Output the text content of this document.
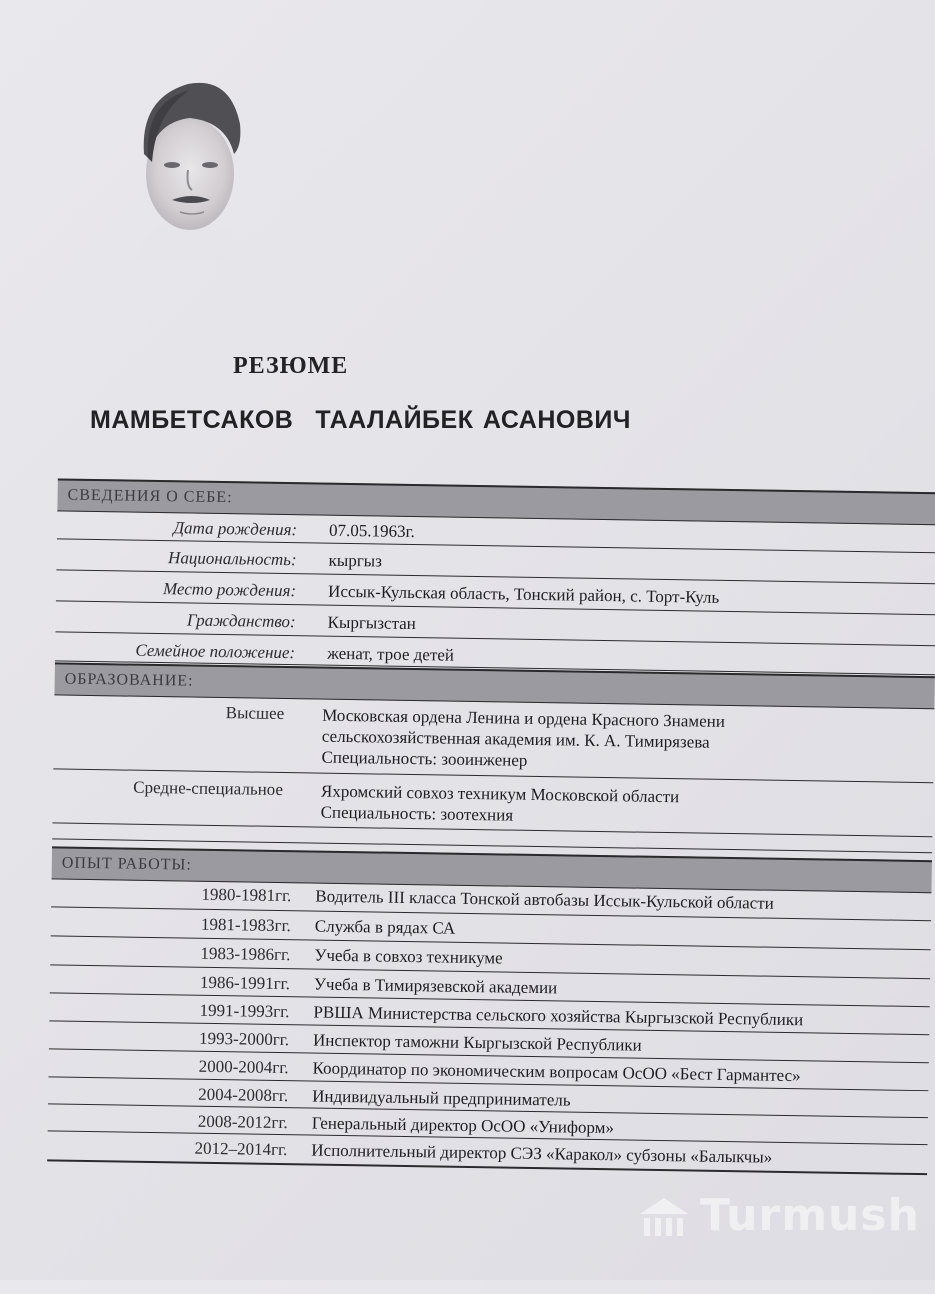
РЕЗЮМЕ
МАМБЕТСАКОВ ТААЛАЙБЕК АСАНОВИЧ
СВЕДЕНИЯ О СЕБЕ:
Дата рождения: 07.05.1963г.
Национальность: кыргыз
Место рождения: Иссык-Кульская область, Тонский район, с. Торт-Куль
Гражданство: Кыргызстан
Семейное положение: женат, трое детей
ОБРАЗОВАНИЕ:
Высшее Московская ордена Ленина и ордена Красного Знамени
сельскохозяйственная академия им. К. А. Тимирязева
Специальность: зооинженер
Средне-специальное Яхромский совхоз техникум Московской области
Специальность: зоотехния
ОПЫТ РАБОТЫ:
1980-1981гг. Водитель III класса Тонской автобазы Иссык-Кульской области
1981-1983гг. Служба в рядах СА
1983-1986гг. Учеба в совхоз техникуме
1986-1991гг. Учеба в Тимирязевской академии
1991-1993гг. РВША Министерства сельского хозяйства Кыргызской Республики
1993-2000гг. Инспектор таможни Кыргызской Республики
2000-2004гг. Координатор по экономическим вопросам ОсОО «Бест Гармантес»
2004-2008гг. Индивидуальный предприниматель
2008-2012гг. Генеральный директор ОсОО «Униформ»
2012–2014гг. Исполнительный директор СЭЗ «Каракол» субзоны «Балыкчы»
Turmush
